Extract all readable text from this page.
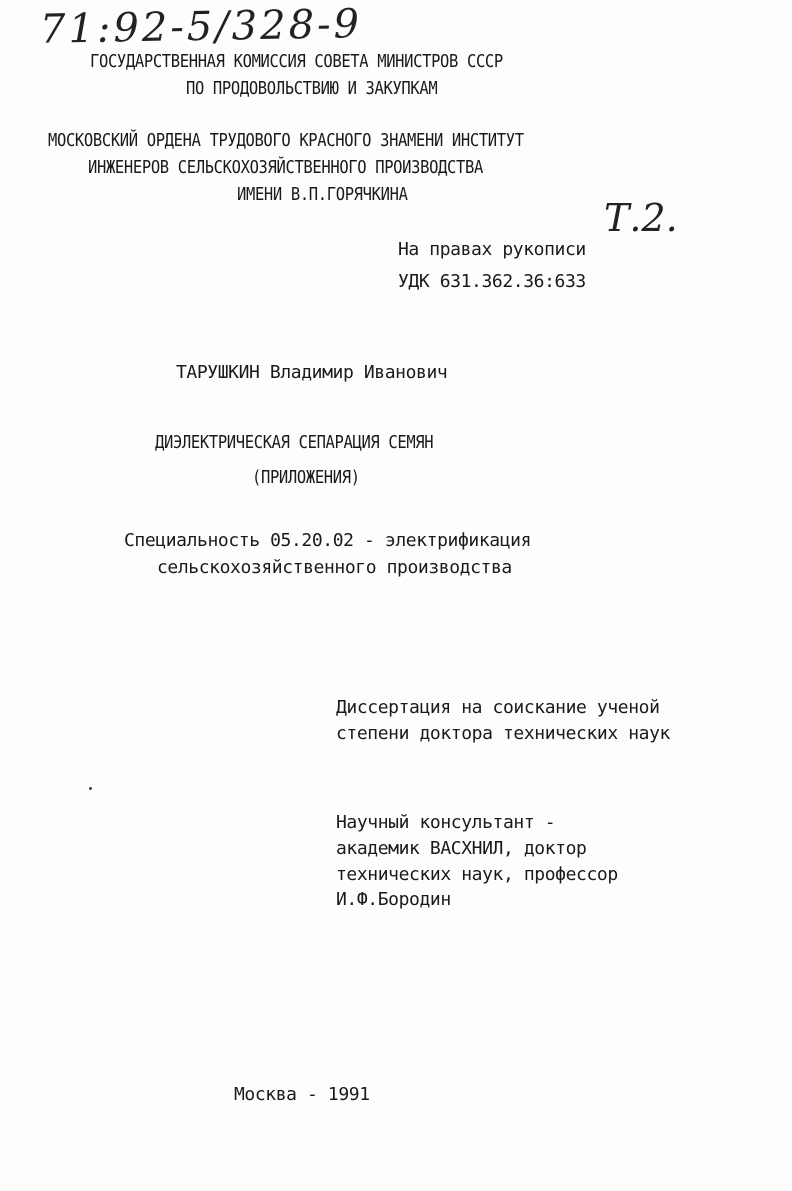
71:92-5/328-9
ГОСУДАРСТВЕННАЯ КОМИССИЯ СОВЕТА МИНИСТРОВ СССР
ПО ПРОДОВОЛЬСТВИЮ И ЗАКУПКАМ
МОСКОВСКИЙ ОРДЕНА ТРУДОВОГО КРАСНОГО ЗНАМЕНИ ИНСТИТУТ
ИНЖЕНЕРОВ СЕЛЬСКОХОЗЯЙСТВЕННОГО ПРОИЗВОДСТВА
ИМЕНИ В.П.ГОРЯЧКИНА
Т.2.
На правах рукописи
УДК 631.362.36:633
ТАРУШКИН Владимир Иванович
ДИЭЛЕКТРИЧЕСКАЯ СЕПАРАЦИЯ СЕМЯН
(ПРИЛОЖЕНИЯ)
Специальность 05.20.02 - электрификация
сельскохозяйственного производства
Диссертация на соискание ученой
степени доктора технических наук
Научный консультант -
академик ВАСХНИЛ, доктор
технических наук, профессор
И.Ф.Бородин
Москва - 1991
